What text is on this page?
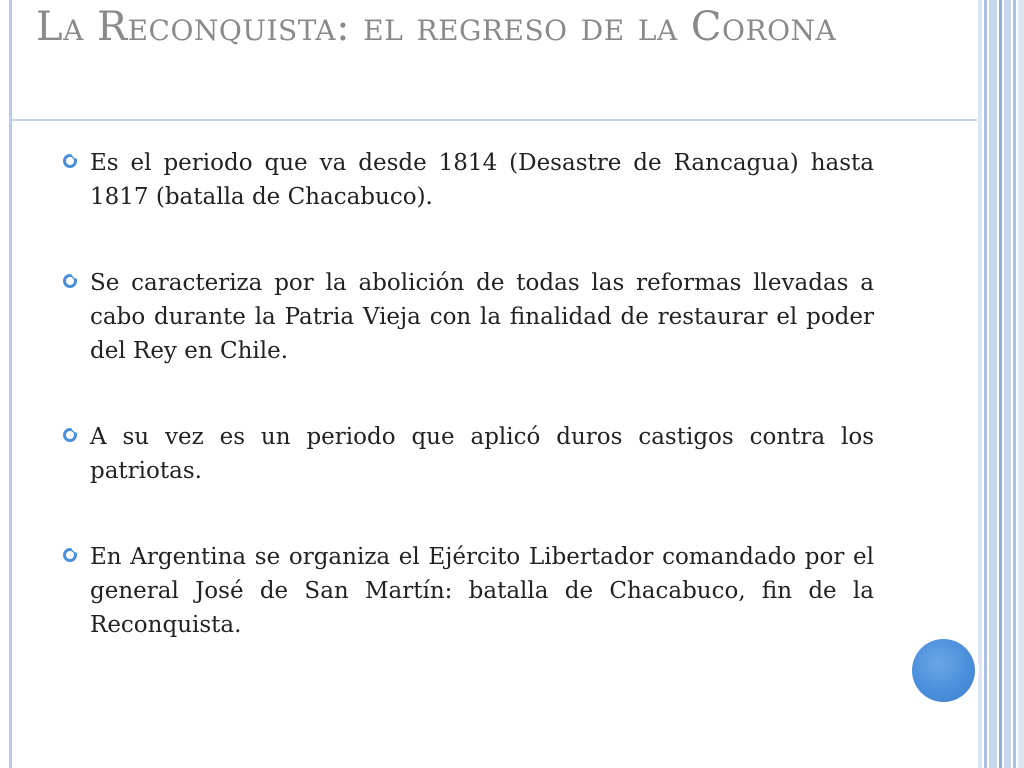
La Reconquista: el regreso de la Corona
Es el periodo que va desde 1814 (Desastre de Rancagua) hasta 1817 (batalla de Chacabuco).
Se caracteriza por la abolición de todas las reformas llevadas a cabo durante la Patria Vieja con la finalidad de restaurar el poder del Rey en Chile.
A su vez es un periodo que aplicó duros castigos contra los patriotas.
En Argentina se organiza el Ejército Libertador comandado por el general José de San Martín: batalla de Chacabuco, fin de la Reconquista.
